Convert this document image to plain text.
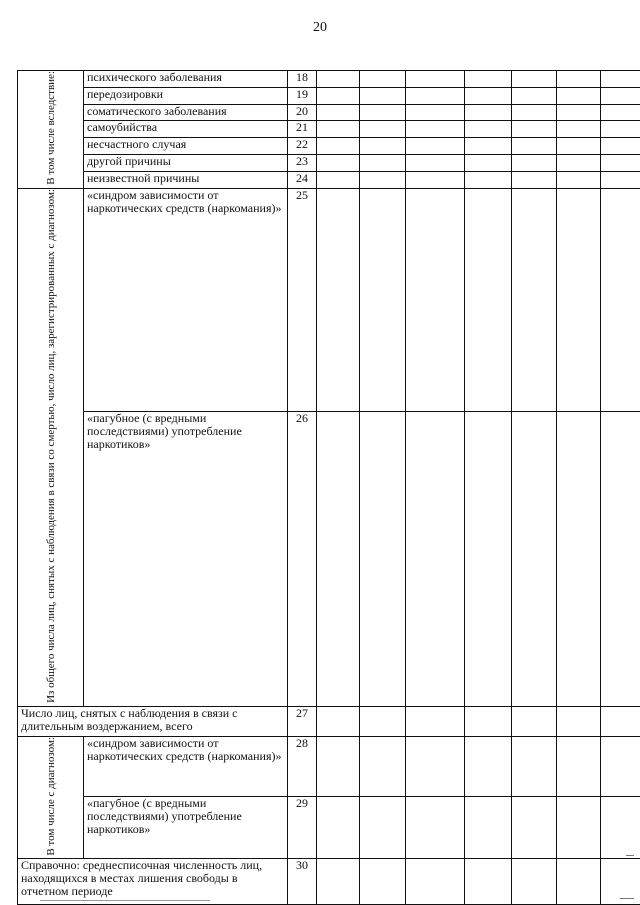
20
В том числе вследствие:	психического заболевания	18							
	передозировки	19							
	соматического заболевания	20							
	самоубийства	21							
	несчастного случая	22							
	другой причины	23							
	неизвестной причины	24							
Из общего числа лиц, снятых с наблюдения в связи со смертью, число лиц, зарегистрированных с диагнозом:	«синдром зависимости от наркотических средств (наркомания)»	25							
	«пагубное (с вредными последствиями) употребление наркотиков»	26							
Число лиц, снятых с наблюдения в связи с длительным воздержанием, всего		27							
В том числе с диагнозом:	«синдром зависимости от наркотических средств (наркомания)»	28							
	«пагубное (с вредными последствиями) употребление наркотиков»	29							
Справочно: среднесписочная численность лиц, находящихся в местах лишения свободы в отчетном периоде		30							
